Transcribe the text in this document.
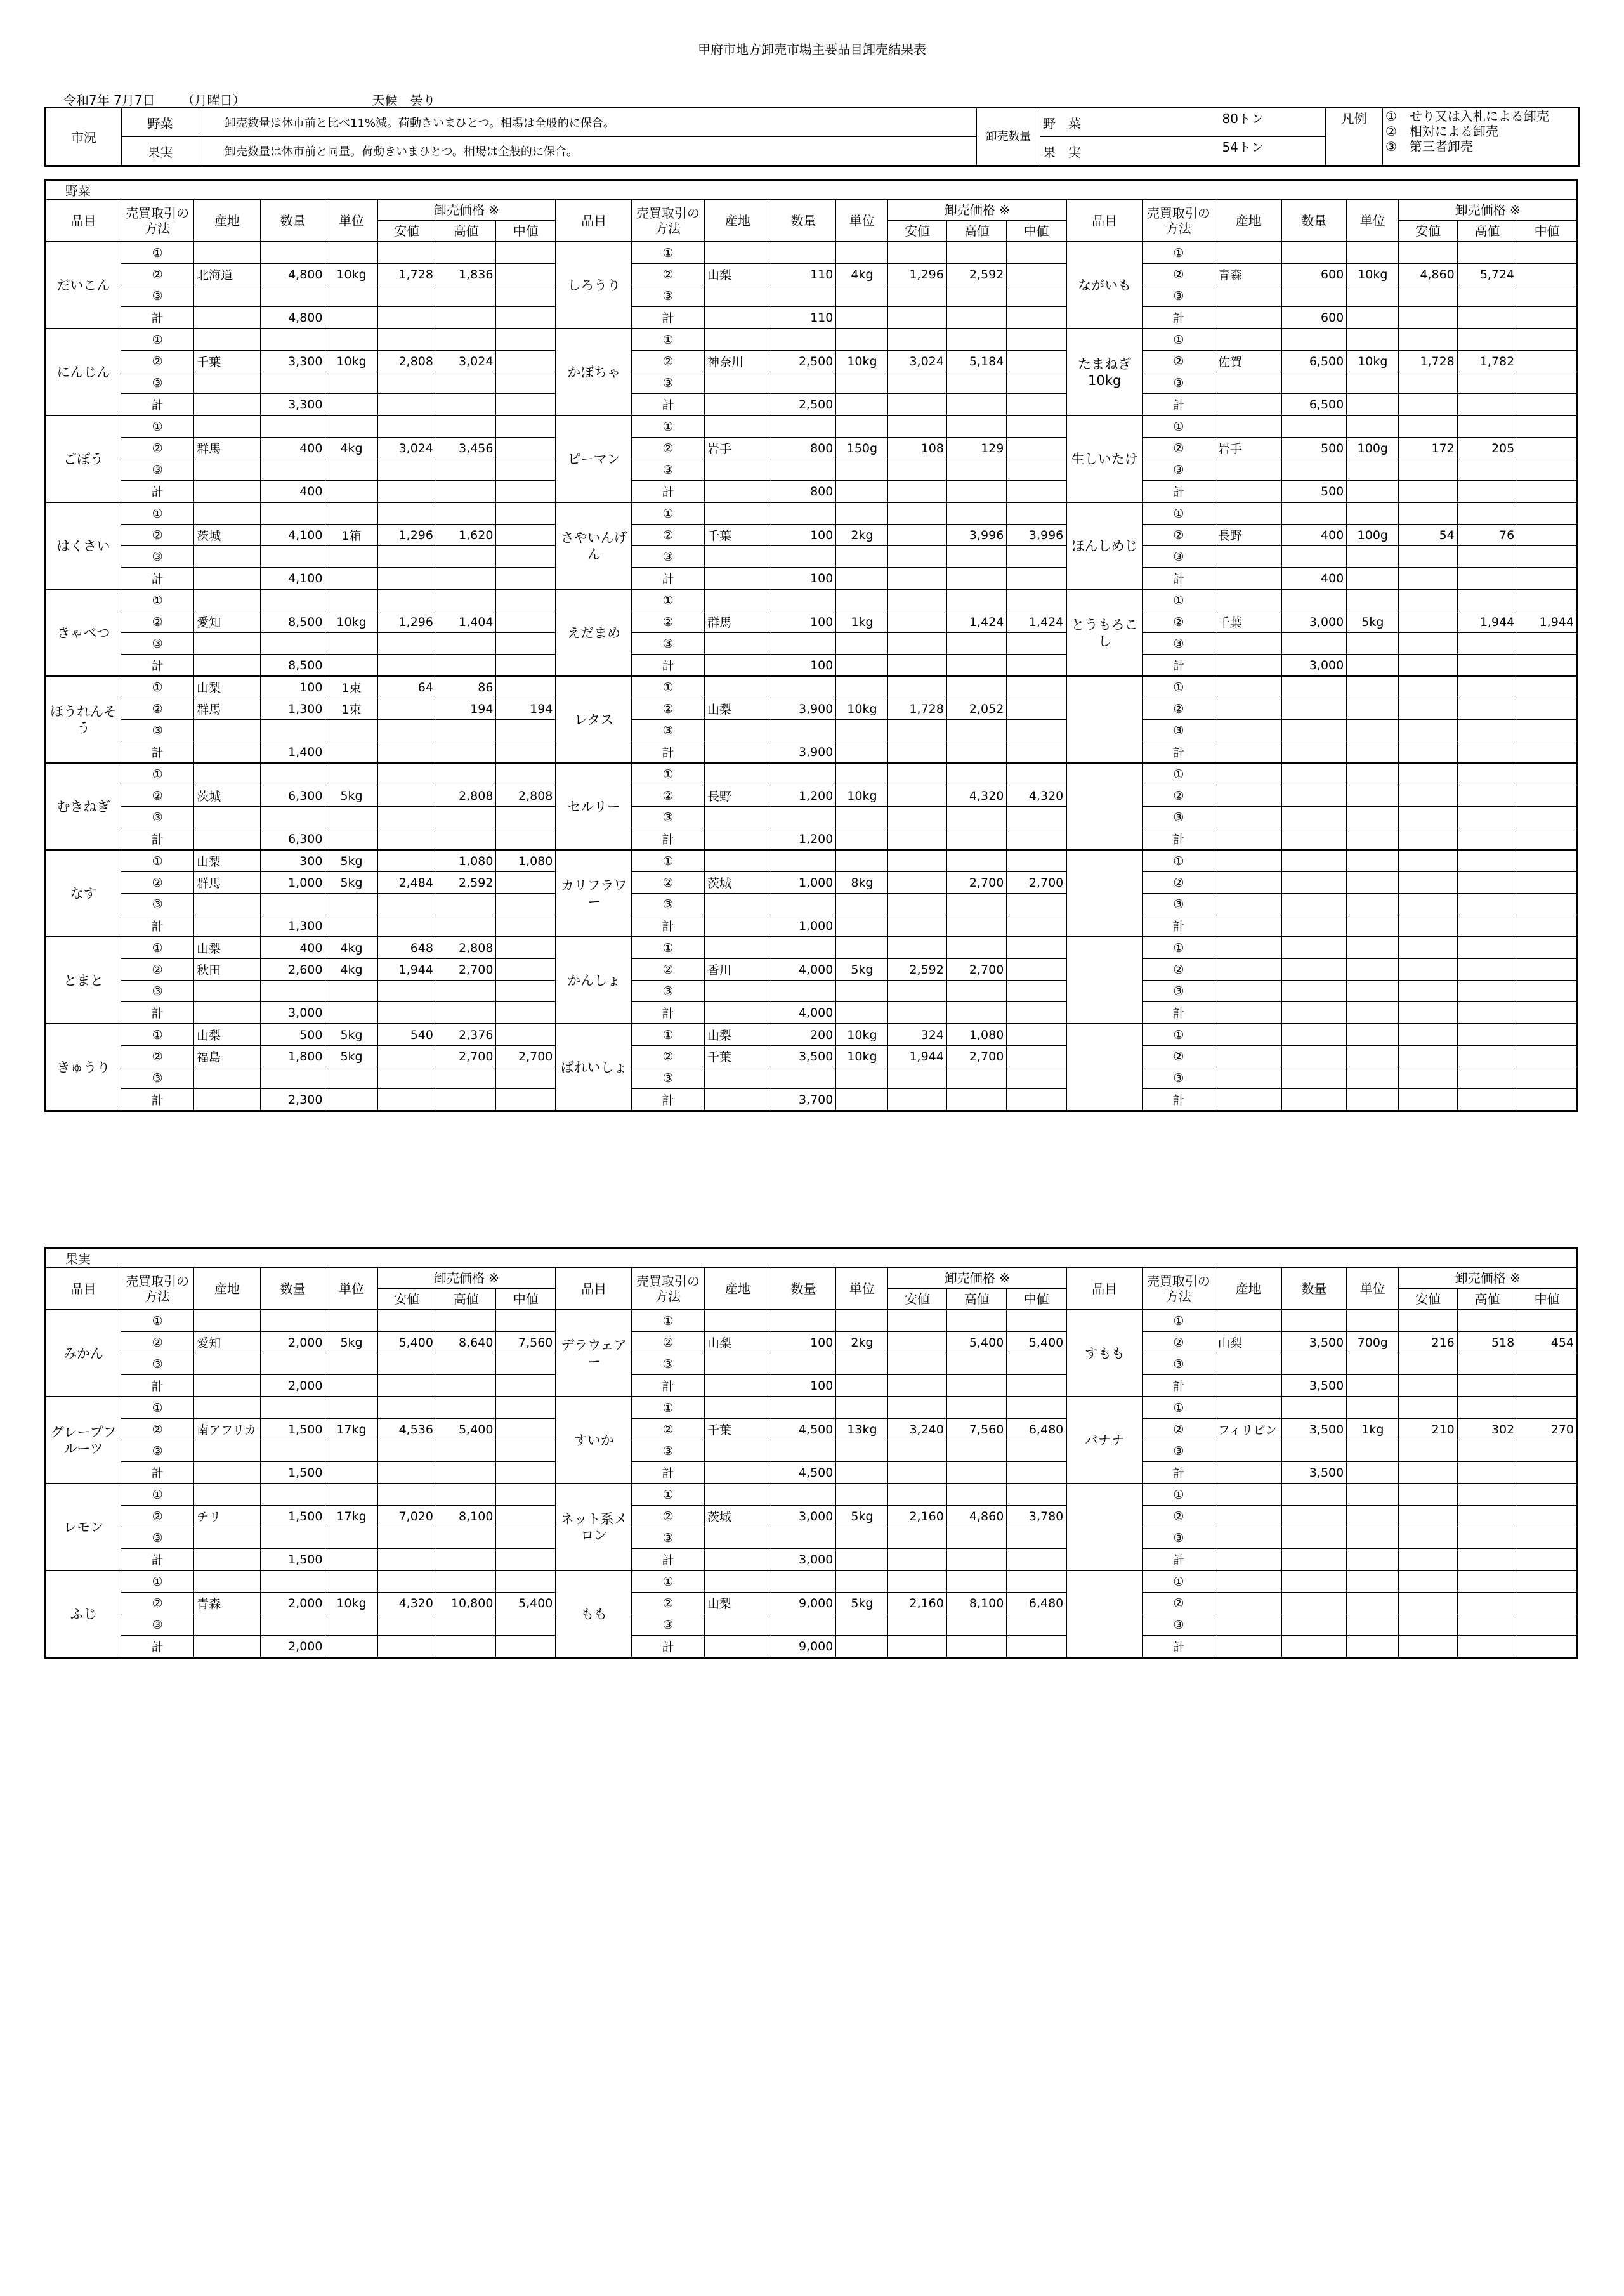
甲府市地方卸売市場主要品目卸売結果表
令和7年 7月7日 （月曜日）	天候 曇り
市況	野菜	卸売数量は休市前と比べ11%減。荷動きいまひとつ。相場は全般的に保合。	卸売数量	野　菜	80トン	凡例	①　せり又は入札による卸売
②　相対による卸売
③　第三者卸売

	果実	卸売数量は休市前と同量。荷動きいまひとつ。相場は全般的に保合。		果　実	54トン		
野菜																							
品目	売買取引の方法	産地	数量	単位	卸売価格 ※			品目	売買取引の方法	産地	数量	単位	卸売価格 ※			品目	売買取引の方法	産地	数量	単位	卸売価格 ※		
					安値	高値	中値						安値	高値	中値						安値	高値	中値
だいこん	①							しろうり	①							ながいも	①						
	②	北海道	4,800	10kg	1,728	1,836			②	山梨	110	4kg	1,296	2,592			②	青森	600	10kg	4,860	5,724	
	③								③								③						
	計		4,800						計		110						計		600				
にんじん	①							かぼちゃ	①							たまねぎ10kg	①						
	②	千葉	3,300	10kg	2,808	3,024			②	神奈川	2,500	10kg	3,024	5,184			②	佐賀	6,500	10kg	1,728	1,782	
	③								③								③						
	計		3,300						計		2,500						計		6,500				
ごぼう	①							ピーマン	①							生しいたけ	①						
	②	群馬	400	4kg	3,024	3,456			②	岩手	800	150g	108	129			②	岩手	500	100g	172	205	
	③								③								③						
	計		400						計		800						計		500				
はくさい	①							さやいんげん	①							ほんしめじ	①						
	②	茨城	4,100	1箱	1,296	1,620			②	千葉	100	2kg		3,996	3,996		②	長野	400	100g	54	76	
	③								③								③						
	計		4,100						計		100						計		400				
きゃべつ	①							えだまめ	①							とうもろこし	①						
	②	愛知	8,500	10kg	1,296	1,404			②	群馬	100	1kg		1,424	1,424		②	千葉	3,000	5kg		1,944	1,944
	③								③								③						
	計		8,500						計		100						計		3,000				
ほうれんそう	①	山梨	100	1束	64	86		レタス	①								①						
	②	群馬	1,300	1束		194	194		②	山梨	3,900	10kg	1,728	2,052			②						
	③								③								③						
	計		1,400						計		3,900						計						
むきねぎ	①							セルリー	①								①						
	②	茨城	6,300	5kg		2,808	2,808		②	長野	1,200	10kg		4,320	4,320		②						
	③								③								③						
	計		6,300						計		1,200						計						
なす	①	山梨	300	5kg		1,080	1,080	カリフラワー	①								①						
	②	群馬	1,000	5kg	2,484	2,592			②	茨城	1,000	8kg		2,700	2,700		②						
	③								③								③						
	計		1,300						計		1,000						計						
とまと	①	山梨	400	4kg	648	2,808		かんしょ	①								①						
	②	秋田	2,600	4kg	1,944	2,700			②	香川	4,000	5kg	2,592	2,700			②						
	③								③								③						
	計		3,000						計		4,000						計						
きゅうり	①	山梨	500	5kg	540	2,376		ばれいしょ	①	山梨	200	10kg	324	1,080			①						
	②	福島	1,800	5kg		2,700	2,700		②	千葉	3,500	10kg	1,944	2,700			②						
	③								③								③						
	計		2,300						計		3,700						計						
果実																							
品目	売買取引の方法	産地	数量	単位	卸売価格 ※			品目	売買取引の方法	産地	数量	単位	卸売価格 ※			品目	売買取引の方法	産地	数量	単位	卸売価格 ※		
					安値	高値	中値						安値	高値	中値						安値	高値	中値
みかん	①							デラウェアー	①							すもも	①						
	②	愛知	2,000	5kg	5,400	8,640	7,560		②	山梨	100	2kg		5,400	5,400		②	山梨	3,500	700g	216	518	454
	③								③								③						
	計		2,000						計		100						計		3,500				
グレープフルーツ	①							すいか	①							バナナ	①						
	②	南アフリカ	1,500	17kg	4,536	5,400			②	千葉	4,500	13kg	3,240	7,560	6,480		②	フィリピン	3,500	1kg	210	302	270
	③								③								③						
	計		1,500						計		4,500						計		3,500				
レモン	①							ネット系メロン	①								①						
	②	チリ	1,500	17kg	7,020	8,100			②	茨城	3,000	5kg	2,160	4,860	3,780		②						
	③								③								③						
	計		1,500						計		3,000						計						
ふじ	①							もも	①								①						
	②	青森	2,000	10kg	4,320	10,800	5,400		②	山梨	9,000	5kg	2,160	8,100	6,480		②						
	③								③								③						
	計		2,000						計		9,000						計						
